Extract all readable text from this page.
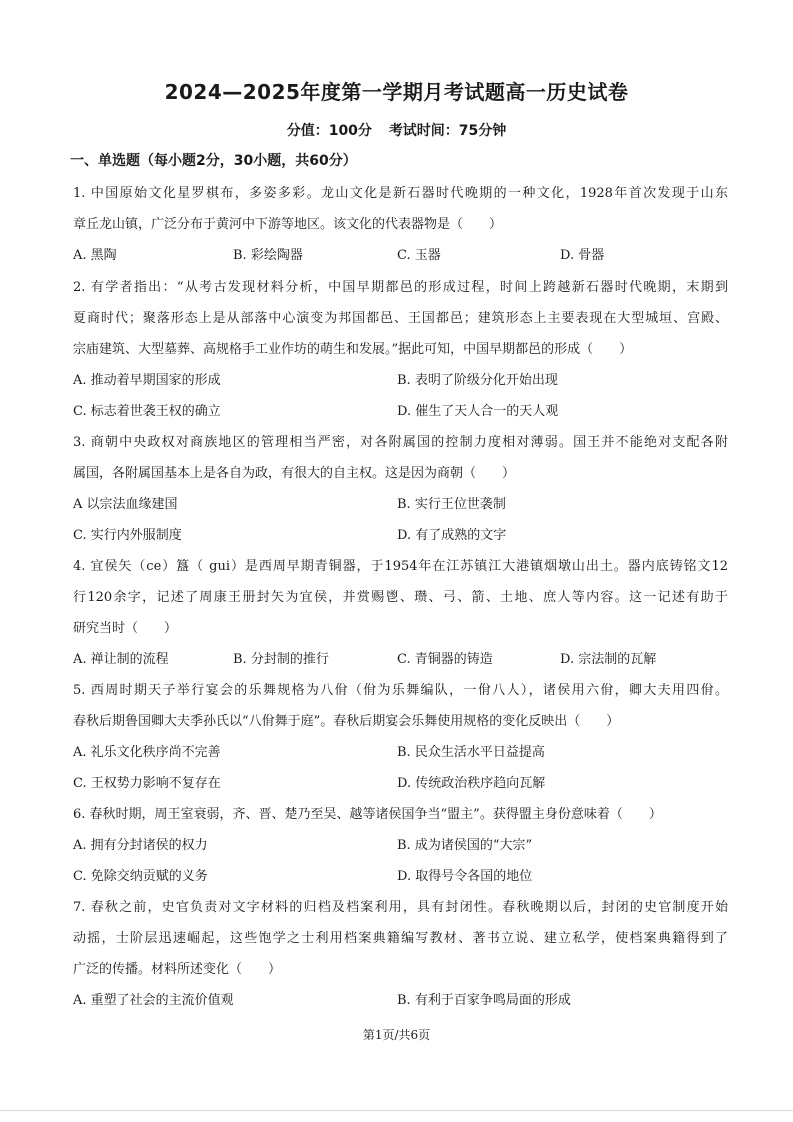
2024—2025年度第一学期月考试题高一历史试卷
分值：100分 考试时间：75分钟
一、单选题（每小题2分，30小题，共60分）
1. 中国原始文化星罗棋布，多姿多彩。龙山文化是新石器时代晚期的一种文化，1928年首次发现于山东
章丘龙山镇，广泛分布于黄河中下游等地区。该文化的代表器物是（　　）
A. 黑陶	B. 彩绘陶器	C. 玉器	D. 骨器
2. 有学者指出：“从考古发现材料分析，中国早期都邑的形成过程，时间上跨越新石器时代晚期，末期到
夏商时代；聚落形态上是从部落中心演变为邦国都邑、王国都邑；建筑形态上主要表现在大型城垣、宫殿、
宗庙建筑、大型墓葬、高规格手工业作坊的萌生和发展。”据此可知，中国早期都邑的形成（　　）
A. 推动着早期国家的形成	B. 表明了阶级分化开始出现
C. 标志着世袭王权的确立	D. 催生了天人合一的天人观
3. 商朝中央政权对商族地区的管理相当严密，对各附属国的控制力度相对薄弱。国王并不能绝对支配各附
属国，各附属国基本上是各自为政，有很大的自主权。这是因为商朝（　　）
A 以宗法血缘建国	B. 实行王位世袭制
C. 实行内外服制度	D. 有了成熟的文字
4. 宜侯矢（ce）簋（ gui）是西周早期青铜器，于1954年在江苏镇江大港镇烟墩山出土。器内底铸铭文12
行120余字，记述了周康王册封矢为宜侯，并赏赐鬯、瓒、弓、箭、土地、庶人等内容。这一记述有助于
研究当时（　　）
A. 禅让制的流程	B. 分封制的推行	C. 青铜器的铸造	D. 宗法制的瓦解
5. 西周时期天子举行宴会的乐舞规格为八佾（佾为乐舞编队，一佾八人），诸侯用六佾，卿大夫用四佾。
春秋后期鲁国卿大夫季孙氏以“八佾舞于庭”。春秋后期宴会乐舞使用规格的变化反映出（　　）
A. 礼乐文化秩序尚不完善	B. 民众生活水平日益提高
C. 王权势力影响不复存在	D. 传统政治秩序趋向瓦解
6. 春秋时期，周王室衰弱，齐、晋、楚乃至吴、越等诸侯国争当“盟主”。获得盟主身份意味着（　　）
A. 拥有分封诸侯的权力	B. 成为诸侯国的“大宗”
C. 免除交纳贡赋的义务	D. 取得号令各国的地位
7. 春秋之前，史官负责对文字材料的归档及档案利用，具有封闭性。春秋晚期以后，封闭的史官制度开始
动摇，士阶层迅速崛起，这些饱学之士利用档案典籍编写教材、著书立说、建立私学，使档案典籍得到了
广泛的传播。材料所述变化（　　）
A. 重塑了社会的主流价值观	B. 有利于百家争鸣局面的形成
第1页/共6页
